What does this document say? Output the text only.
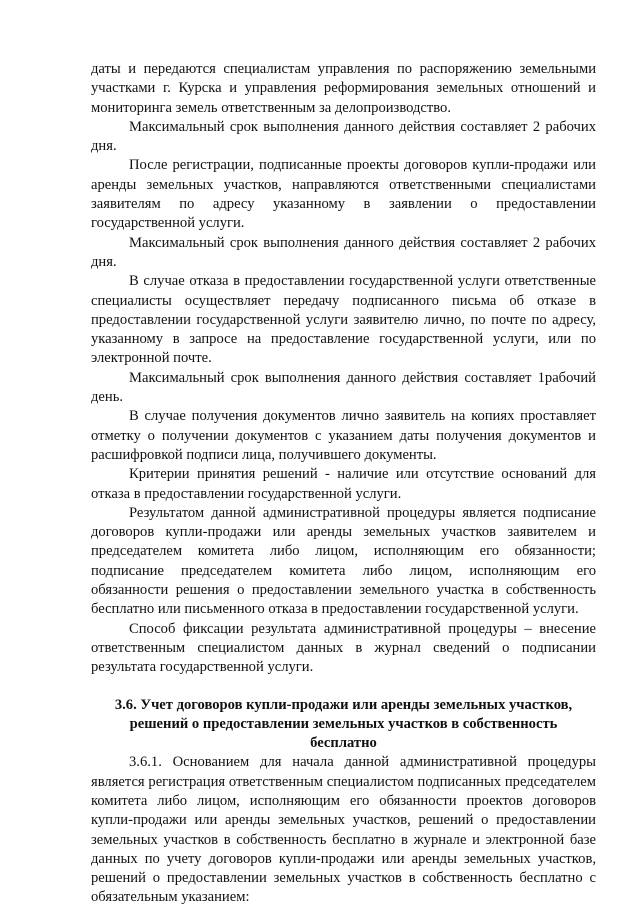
даты и передаются специалистам управления по распоряжению земельными участками г. Курска и управления реформирования земельных отношений и мониторинга земель ответственным за делопроизводство.

Максимальный срок выполнения данного действия составляет 2 рабочих дня.

После регистрации, подписанные проекты договоров купли-продажи или аренды земельных участков, направляются ответственными специалистами заявителям по адресу указанному в заявлении о предоставлении государственной услуги.

Максимальный срок выполнения данного действия составляет 2 рабочих дня.

В случае отказа в предоставлении государственной услуги ответственные специалисты осуществляет передачу подписанного письма об отказе в предоставлении государственной услуги заявителю лично, по почте по адресу, указанному в запросе на предоставление государственной услуги, или по электронной почте.

Максимальный срок выполнения данного действия составляет 1рабочий день.

В случае получения документов лично заявитель на копиях проставляет отметку о получении документов с указанием даты получения документов и расшифровкой подписи лица, получившего документы.

Критерии принятия решений - наличие или отсутствие оснований для отказа в предоставлении государственной услуги.

Результатом данной административной процедуры является подписание договоров купли-продажи или аренды земельных участков заявителем и председателем комитета либо лицом, исполняющим его обязанности; подписание председателем комитета либо лицом, исполняющим его обязанности решения о предоставлении земельного участка в собственность бесплатно или письменного отказа в предоставлении государственной услуги.

Способ фиксации результата административной процедуры – внесение ответственным специалистом данных в журнал сведений о подписании результата государственной услуги.

3.6. Учет договоров купли-продажи или аренды земельных участков,
решений о предоставлении земельных участков в собственность
бесплатно

3.6.1. Основанием для начала данной административной процедуры является регистрация ответственным специалистом подписанных председателем комитета либо лицом, исполняющим его обязанности проектов договоров купли-продажи или аренды земельных участков, решений о предоставлении земельных участков в собственность бесплатно в журнале и электронной базе данных по учету договоров купли-продажи или аренды земельных участков, решений о предоставлении земельных участков в собственность бесплатно с обязательным указанием:
